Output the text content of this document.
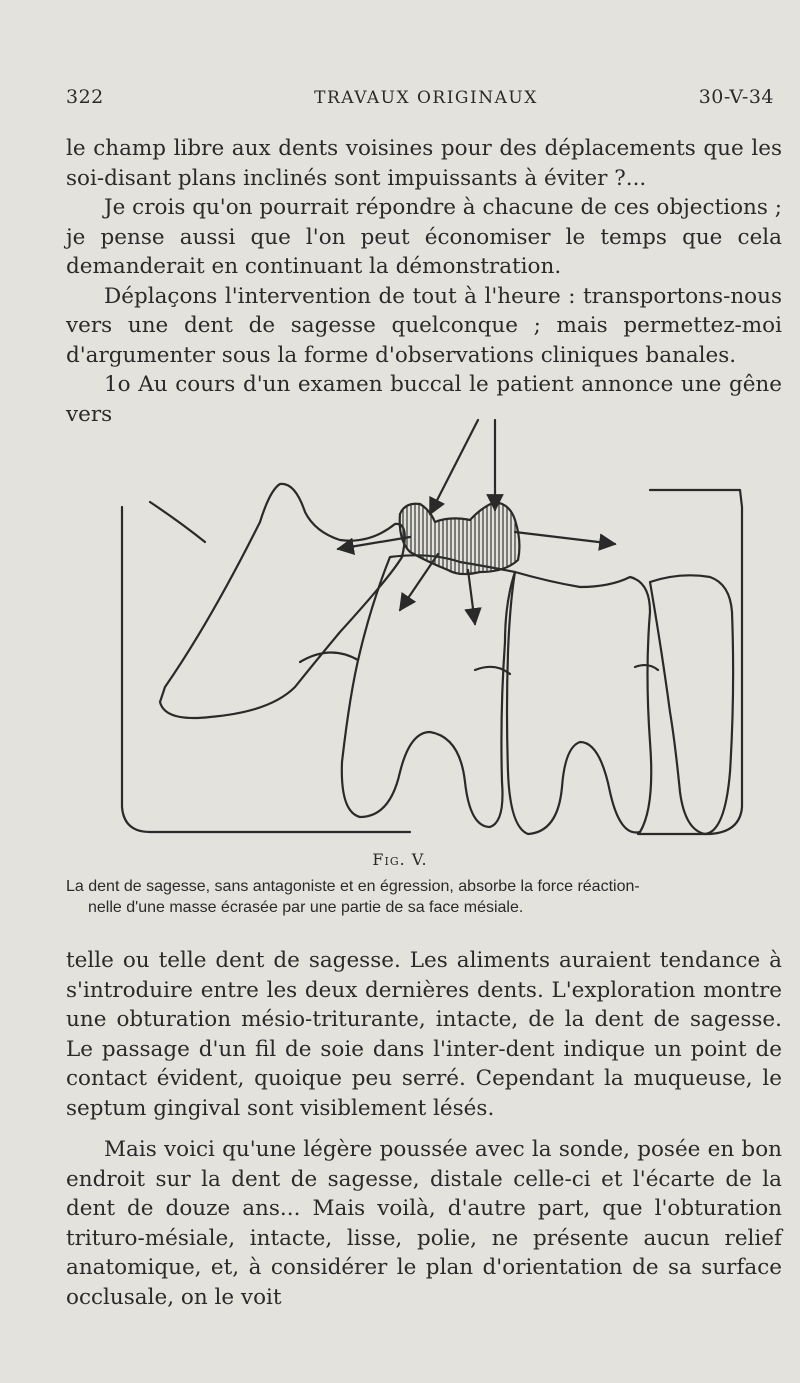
322	TRAVAUX ORIGINAUX	30-V-34

le champ libre aux dents voisines pour des déplacements que les soi-disant plans inclinés sont impuissants à éviter ?...

Je crois qu'on pourrait répondre à chacune de ces objections ; je pense aussi que l'on peut économiser le temps que cela demanderait en continuant la démonstration.

Déplaçons l'intervention de tout à l'heure : transportons-nous vers une dent de sagesse quelconque ; mais permettez-moi d'argumenter sous la forme d'observations cliniques banales.

1o Au cours d'un examen buccal le patient annonce une gêne vers

Fig. V.
La dent de sagesse, sans antagoniste et en égression, absorbe la force réaction-
nelle d'une masse écrasée par une partie de sa face mésiale.

telle ou telle dent de sagesse. Les aliments auraient tendance à s'introduire entre les deux dernières dents. L'exploration montre une obturation mésio-triturante, intacte, de la dent de sagesse. Le passage d'un fil de soie dans l'inter-dent indique un point de contact évident, quoique peu serré. Cependant la muqueuse, le septum gingival sont visiblement lésés.

Mais voici qu'une légère poussée avec la sonde, posée en bon endroit sur la dent de sagesse, distale celle-ci et l'écarte de la dent de douze ans... Mais voilà, d'autre part, que l'obturation trituro-mésiale, intacte, lisse, polie, ne présente aucun relief anatomique, et, à considérer le plan d'orientation de sa surface occlusale, on le voit
